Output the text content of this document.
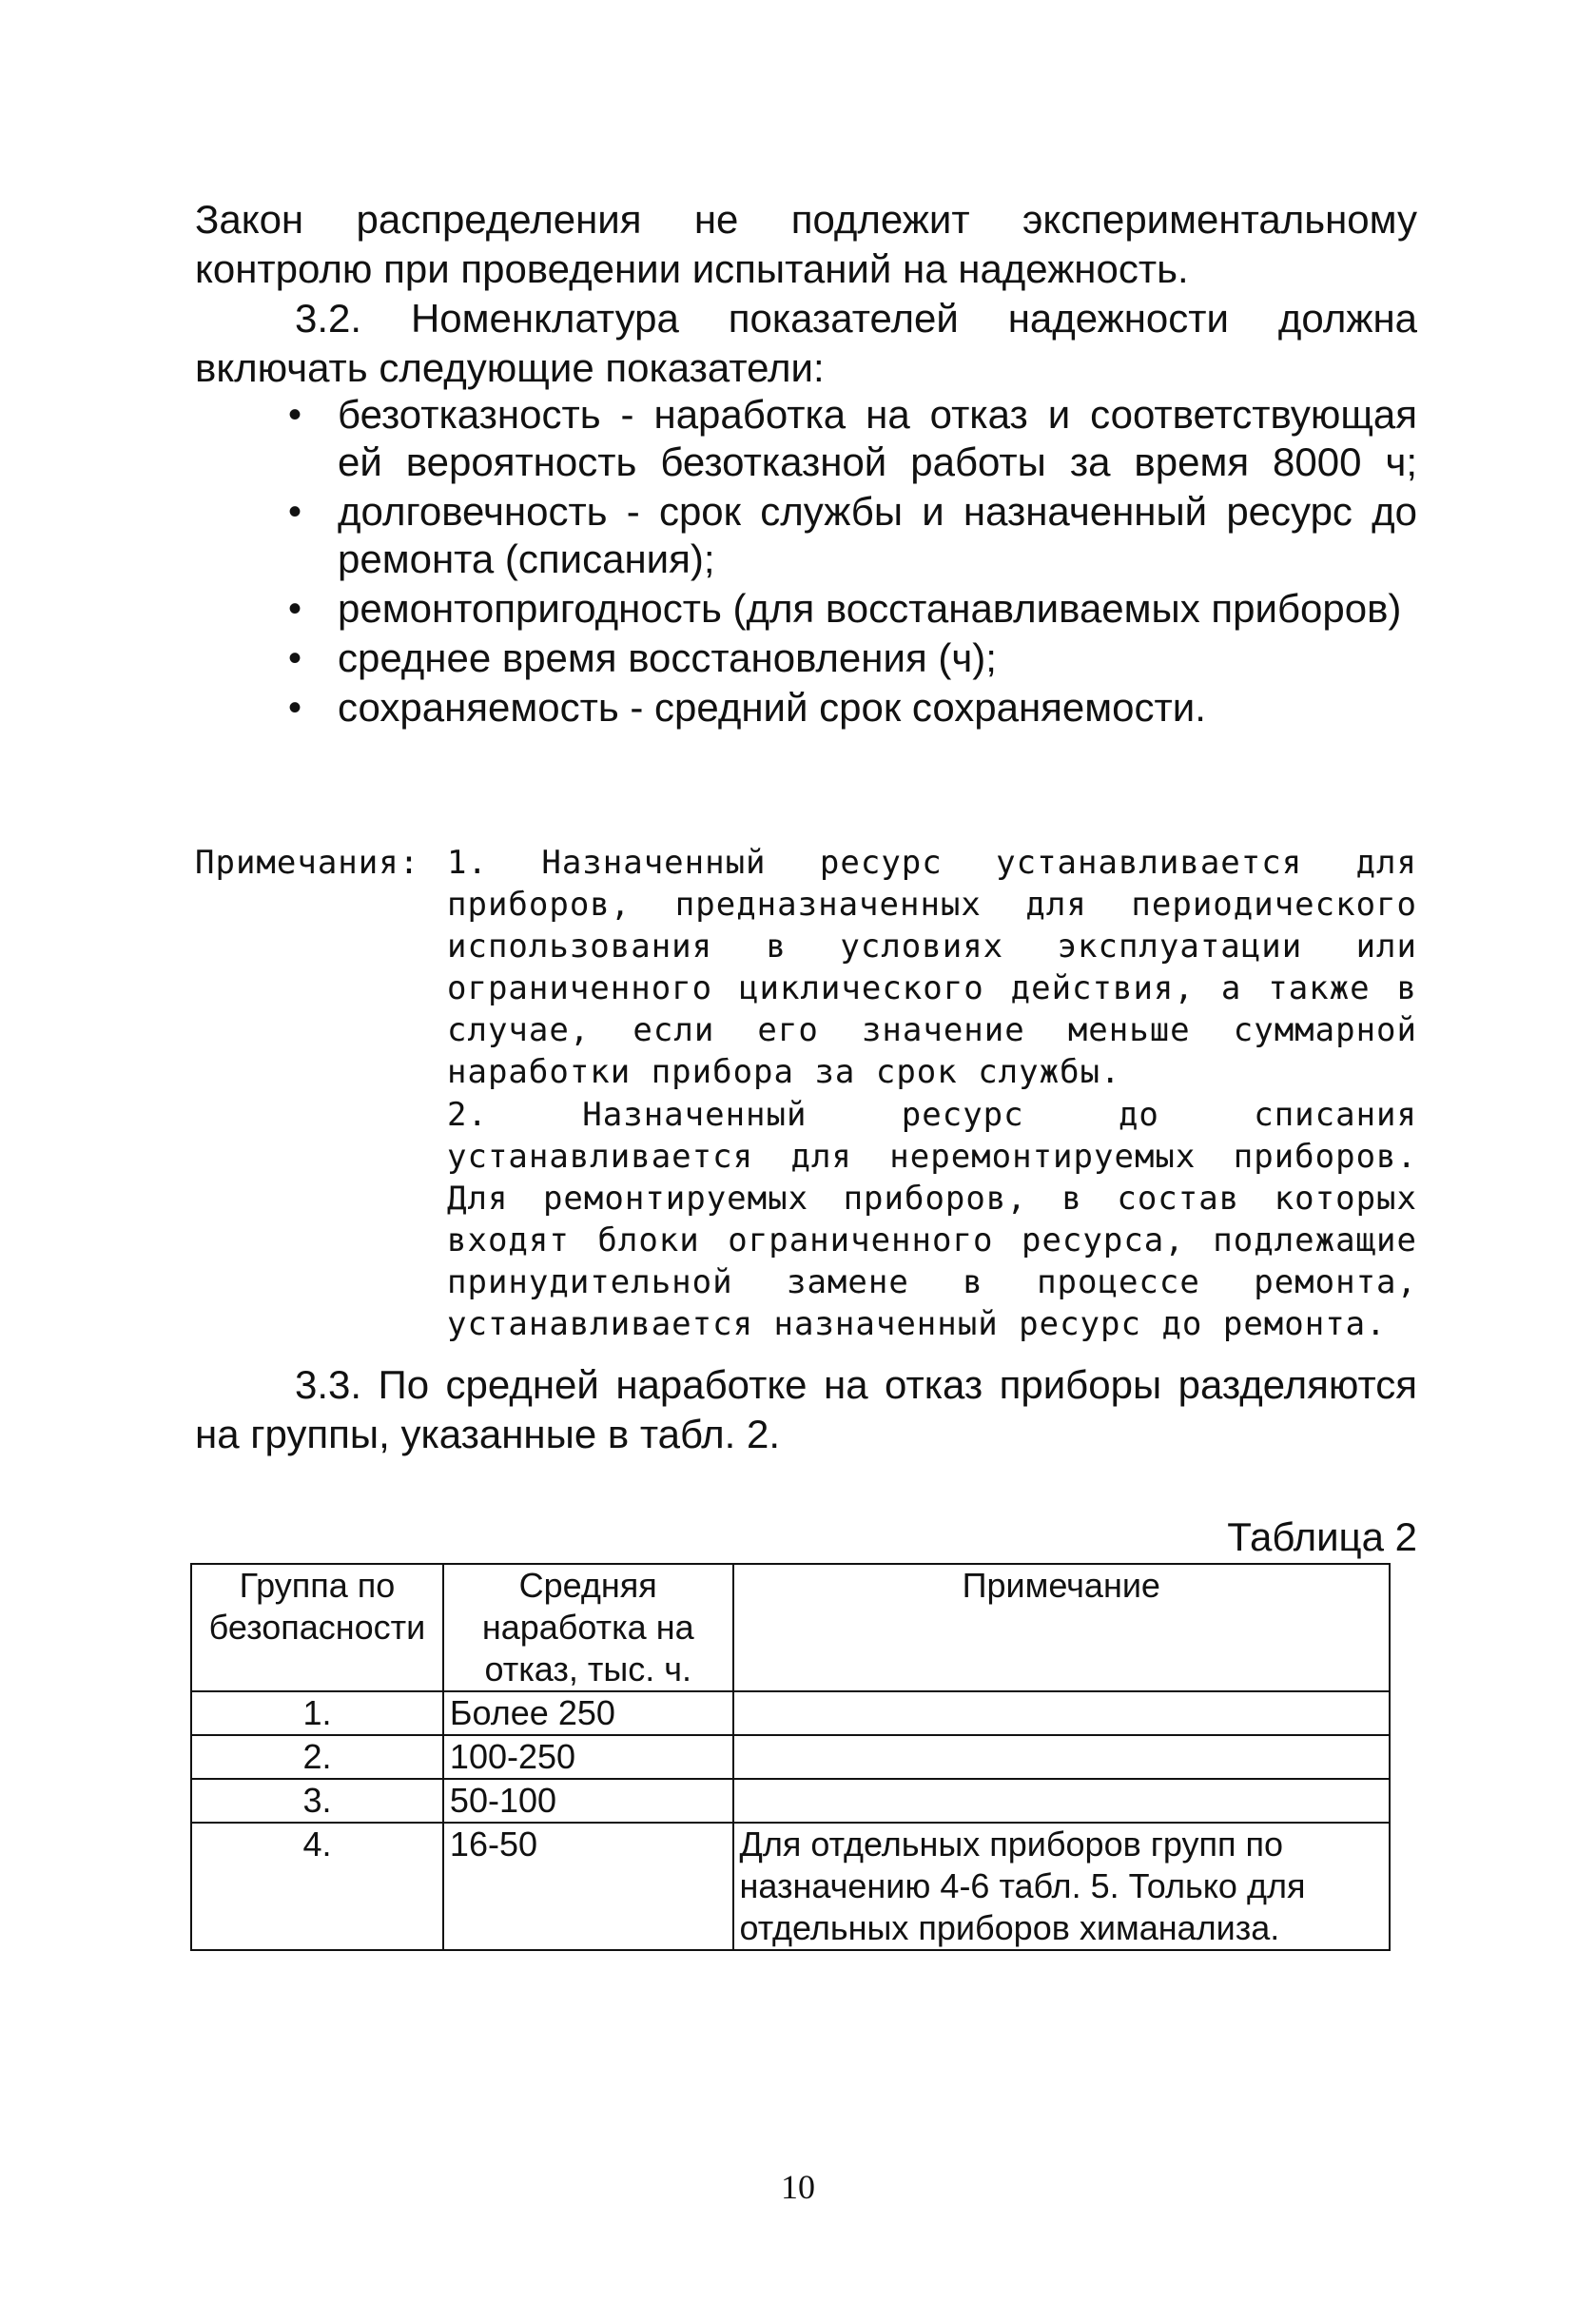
Закон распределения не подлежит экспериментальному контролю при проведении испытаний на надежность.

3.2. Номенклатура показателей надежности должна включать следующие показатели:

• безотказность - наработка на отказ и соответствующая ей вероятность безотказной работы за время 8000 ч;
• долговечность - срок службы и назначенный ресурс до ремонта (списания);
• ремонтопригодность (для восстанавливаемых приборов)
• среднее время восстановления (ч);
• сохраняемость - средний срок сохраняемости.
Примечания: 1. Назначенный ресурс устанавливается для приборов, предназначенных для периодического использования в условиях эксплуатации или ограниченного циклического действия, а также в случае, если его значение меньше суммарной наработки прибора за срок службы.

2. Назначенный ресурс до списания устанавливается для неремонтируемых приборов. Для ремонтируемых приборов, в состав которых входят блоки ограниченного ресурса, подлежащие принудительной замене в процессе ремонта, устанавливается назначенный ресурс до ремонта.

3.3. По средней наработке на отказ приборы разделяются на группы, указанные в табл. 2.

Таблица 2
Группа по безопасности	Средняя наработка на отказ, тыс. ч.	Примечание
1.	Более 250	
2.	100-250	
3.	50-100	
4.	16-50	Для отдельных приборов групп по назначению 4-6 табл. 5. Только для отдельных приборов химанализа.
10
